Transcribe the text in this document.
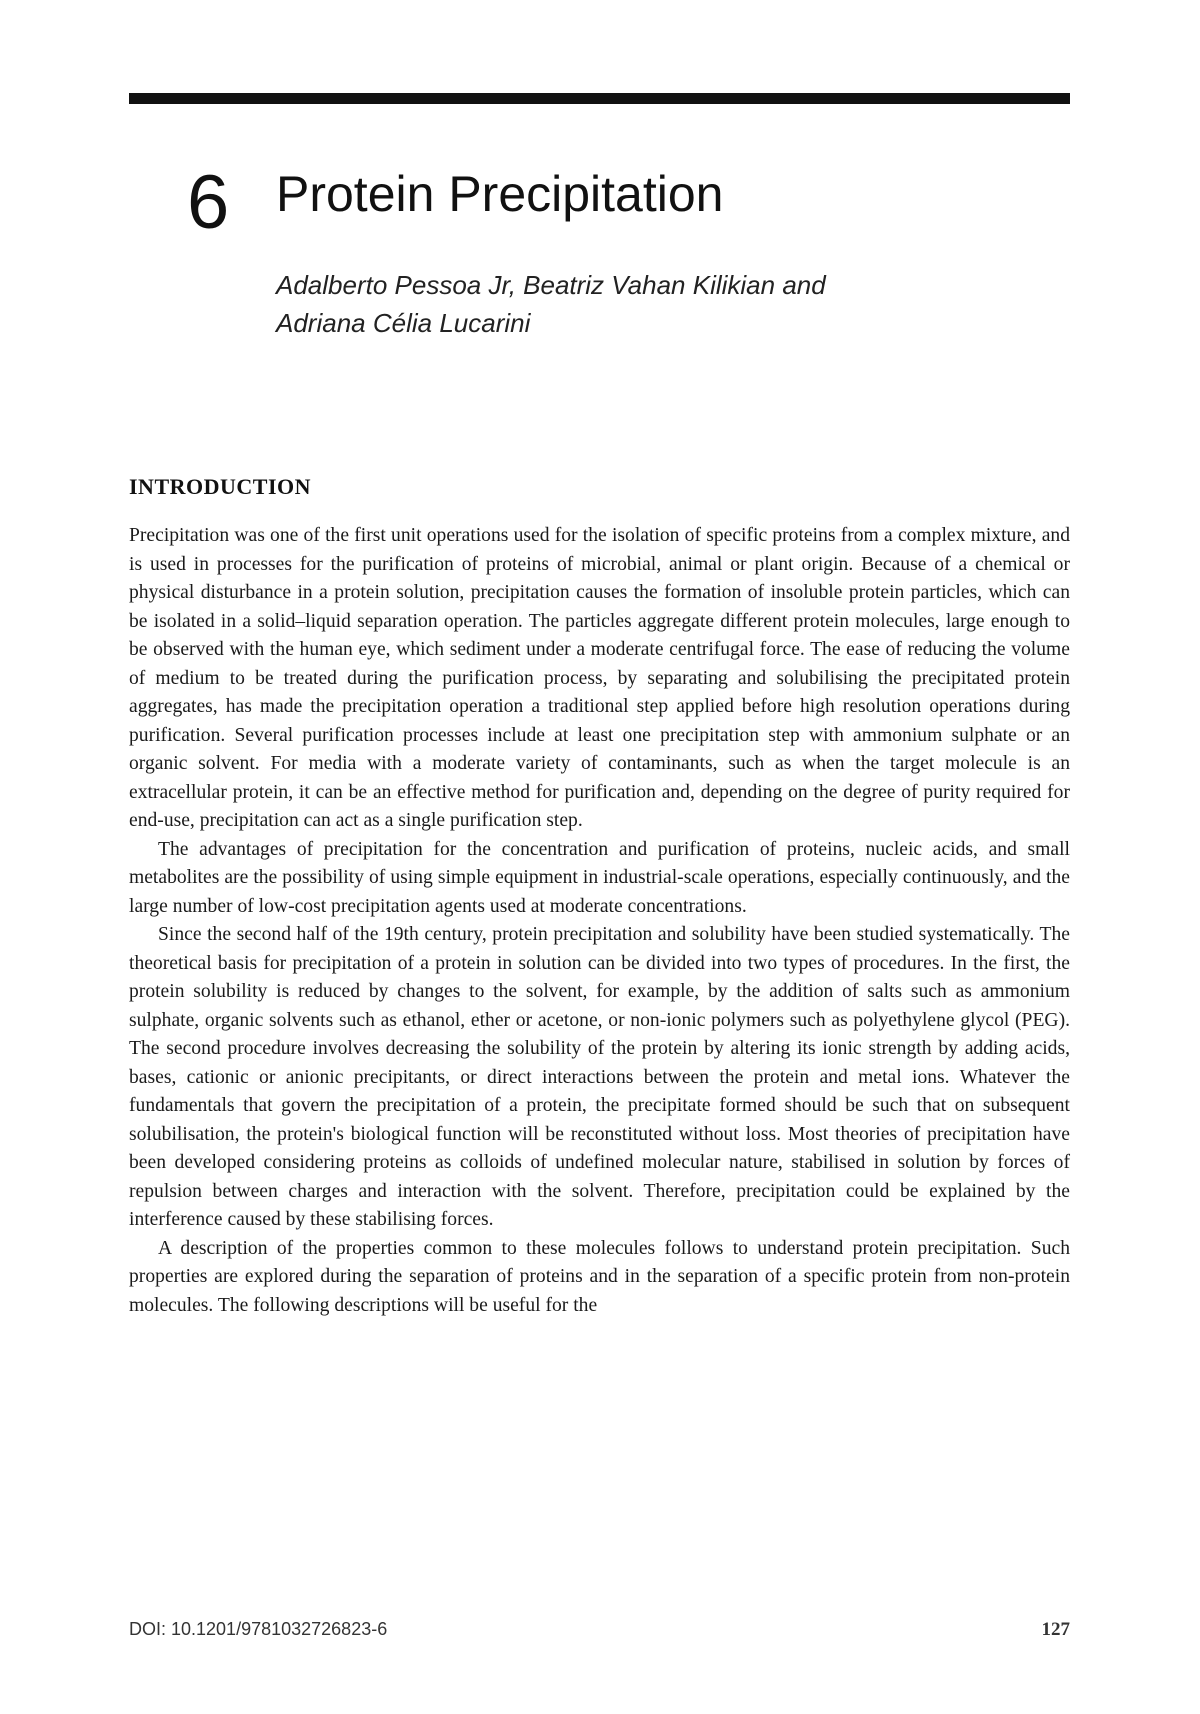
6 Protein Precipitation
Adalberto Pessoa Jr, Beatriz Vahan Kilikian and
Adriana Célia Lucarini
INTRODUCTION

Precipitation was one of the first unit operations used for the isolation of specific proteins from a complex mixture, and is used in processes for the purification of proteins of microbial, animal or plant origin. Because of a chemical or physical disturbance in a protein solution, precipitation causes the formation of insoluble protein particles, which can be isolated in a solid–liquid separation operation. The particles aggregate different protein molecules, large enough to be observed with the human eye, which sediment under a moderate centrifugal force. The ease of reducing the volume of medium to be treated during the purification process, by separating and solubilising the precipitated protein aggregates, has made the precipitation operation a traditional step applied before high resolution operations during purification. Several purification processes include at least one precipitation step with ammonium sulphate or an organic solvent. For media with a moderate variety of contaminants, such as when the target molecule is an extracellular protein, it can be an effective method for purification and, depending on the degree of purity required for end-use, precipitation can act as a single purification step.

The advantages of precipitation for the concentration and purification of proteins, nucleic acids, and small metabolites are the possibility of using simple equipment in industrial-scale operations, especially continuously, and the large number of low-cost precipitation agents used at moderate concentrations.

Since the second half of the 19th century, protein precipitation and solubility have been studied systematically. The theoretical basis for precipitation of a protein in solution can be divided into two types of procedures. In the first, the protein solubility is reduced by changes to the solvent, for example, by the addition of salts such as ammonium sulphate, organic solvents such as ethanol, ether or acetone, or non-ionic polymers such as polyethylene glycol (PEG). The second procedure involves decreasing the solubility of the protein by altering its ionic strength by adding acids, bases, cationic or anionic precipitants, or direct interactions between the protein and metal ions. Whatever the fundamentals that govern the precipitation of a protein, the precipitate formed should be such that on subsequent solubilisation, the protein's biological function will be reconstituted without loss. Most theories of precipitation have been developed considering proteins as colloids of undefined molecular nature, stabilised in solution by forces of repulsion between charges and interaction with the solvent. Therefore, precipitation could be explained by the interference caused by these stabilising forces.

A description of the properties common to these molecules follows to understand protein precipitation. Such properties are explored during the separation of proteins and in the separation of a specific protein from non-protein molecules. The following descriptions will be useful for the

DOI: 10.1201/9781032726823-6	127
